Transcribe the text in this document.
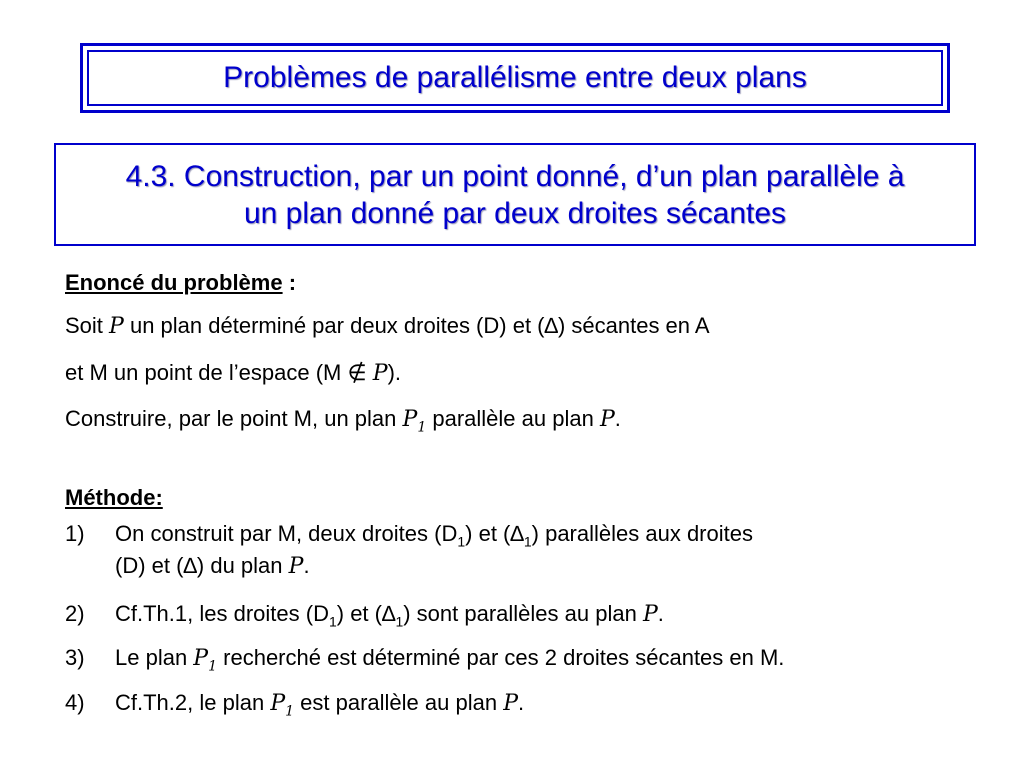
Problèmes de parallélisme entre deux plans
4.3. Construction, par un point donné, d’un plan parallèle à
un plan donné par deux droites sécantes
Enoncé du problème :
Soit P un plan déterminé par deux droites (D) et (∆) sécantes en A
et M un point de l’espace (M ∉ P).
Construire, par le point M, un plan $P_1$ parallèle au plan P.
Méthode:
1) On construit par M, deux droites $(D_1)$ et $(\Delta_1)$ parallèles aux droites
(D) et (∆) du plan P.
2) Cf.Th.1, les droites $(D_1)$ et $(\Delta_1)$ sont parallèles au plan P.
3) Le plan $P_1$ recherché est déterminé par ces 2 droites sécantes en M.
4) Cf.Th.2, le plan $P_1$ est parallèle au plan P.
